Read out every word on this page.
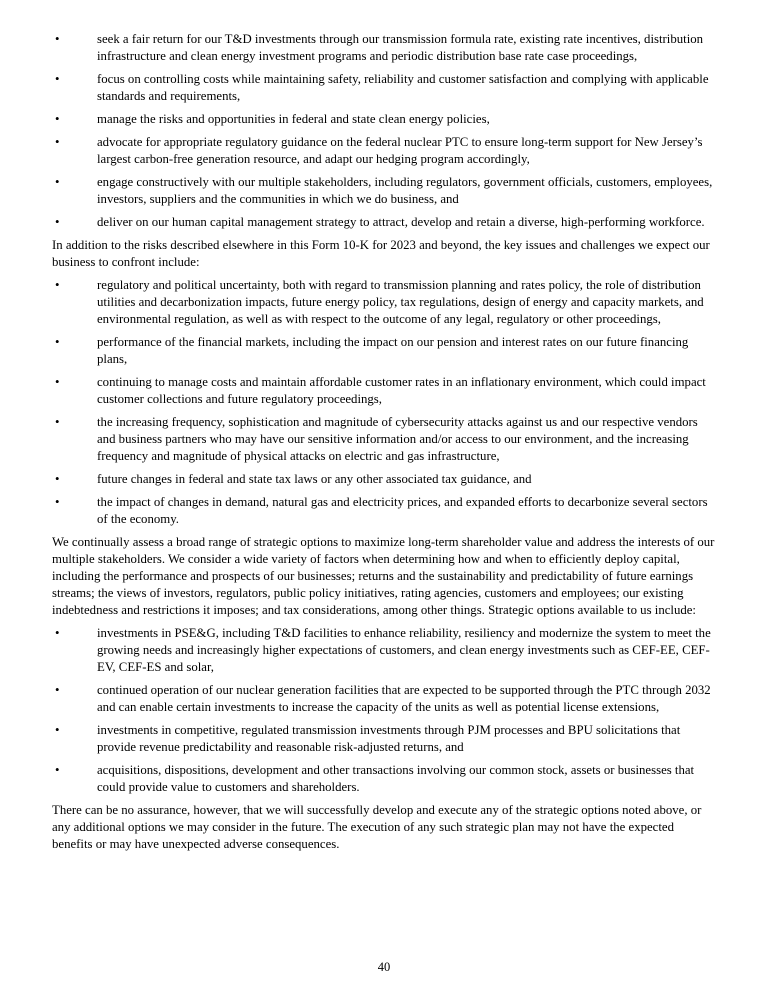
•	seek a fair return for our T&D investments through our transmission formula rate, existing rate incentives, distribution infrastructure and clean energy investment programs and periodic distribution base rate case proceedings,
•	focus on controlling costs while maintaining safety, reliability and customer satisfaction and complying with applicable standards and requirements,
•	manage the risks and opportunities in federal and state clean energy policies,
•	advocate for appropriate regulatory guidance on the federal nuclear PTC to ensure long-term support for New Jersey’s largest carbon-free generation resource, and adapt our hedging program accordingly,
•	engage constructively with our multiple stakeholders, including regulators, government officials, customers, employees, investors, suppliers and the communities in which we do business, and
•	deliver on our human capital management strategy to attract, develop and retain a diverse, high-performing workforce.
In addition to the risks described elsewhere in this Form 10-K for 2023 and beyond, the key issues and challenges we expect our business to confront include:
•	regulatory and political uncertainty, both with regard to transmission planning and rates policy, the role of distribution utilities and decarbonization impacts, future energy policy, tax regulations, design of energy and capacity markets, and environmental regulation, as well as with respect to the outcome of any legal, regulatory or other proceedings,
•	performance of the financial markets, including the impact on our pension and interest rates on our future financing plans,
•	continuing to manage costs and maintain affordable customer rates in an inflationary environment, which could impact customer collections and future regulatory proceedings,
•	the increasing frequency, sophistication and magnitude of cybersecurity attacks against us and our respective vendors and business partners who may have our sensitive information and/or access to our environment, and the increasing frequency and magnitude of physical attacks on electric and gas infrastructure,
•	future changes in federal and state tax laws or any other associated tax guidance, and
•	the impact of changes in demand, natural gas and electricity prices, and expanded efforts to decarbonize several sectors of the economy.
We continually assess a broad range of strategic options to maximize long-term shareholder value and address the interests of our multiple stakeholders. We consider a wide variety of factors when determining how and when to efficiently deploy capital, including the performance and prospects of our businesses; returns and the sustainability and predictability of future earnings streams; the views of investors, regulators, public policy initiatives, rating agencies, customers and employees; our existing indebtedness and restrictions it imposes; and tax considerations, among other things. Strategic options available to us include:
•	investments in PSE&G, including T&D facilities to enhance reliability, resiliency and modernize the system to meet the growing needs and increasingly higher expectations of customers, and clean energy investments such as CEF-EE, CEF-EV, CEF-ES and solar,
•	continued operation of our nuclear generation facilities that are expected to be supported through the PTC through 2032 and can enable certain investments to increase the capacity of the units as well as potential license extensions,
•	investments in competitive, regulated transmission investments through PJM processes and BPU solicitations that provide revenue predictability and reasonable risk-adjusted returns, and
•	acquisitions, dispositions, development and other transactions involving our common stock, assets or businesses that could provide value to customers and shareholders.
There can be no assurance, however, that we will successfully develop and execute any of the strategic options noted above, or any additional options we may consider in the future. The execution of any such strategic plan may not have the expected benefits or may have unexpected adverse consequences.
40
